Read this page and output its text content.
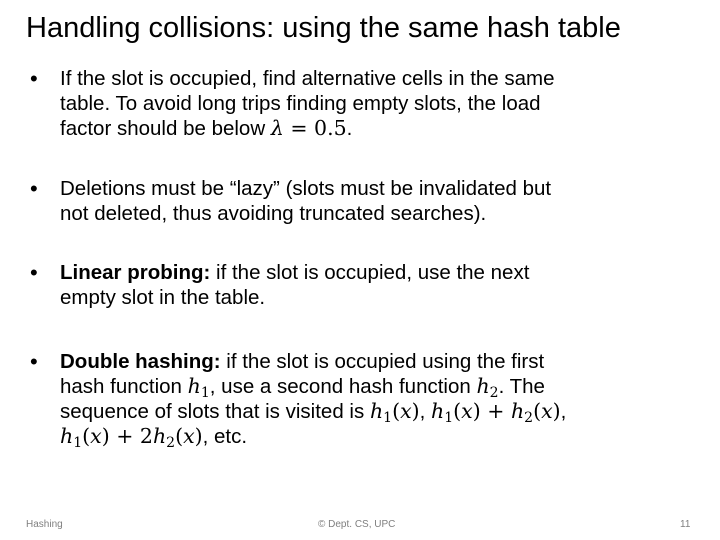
Handling collisions: using the same hash table
• If the slot is occupied, find alternative cells in the same
table. To avoid long trips finding empty slots, the load
factor should be below λ = 0.5.
• Deletions must be “lazy” (slots must be invalidated but
not deleted, thus avoiding truncated searches).
• Linear probing: if the slot is occupied, use the next
empty slot in the table.
• Double hashing: if the slot is occupied using the first
hash function $h_1$, use a second hash function $h_2$. The
sequence of slots that is visited is $h_1(x)$, $h_1(x) + h_2(x)$,
$h_1(x) + 2h_2(x)$, etc.
Hashing	© Dept. CS, UPC	11
